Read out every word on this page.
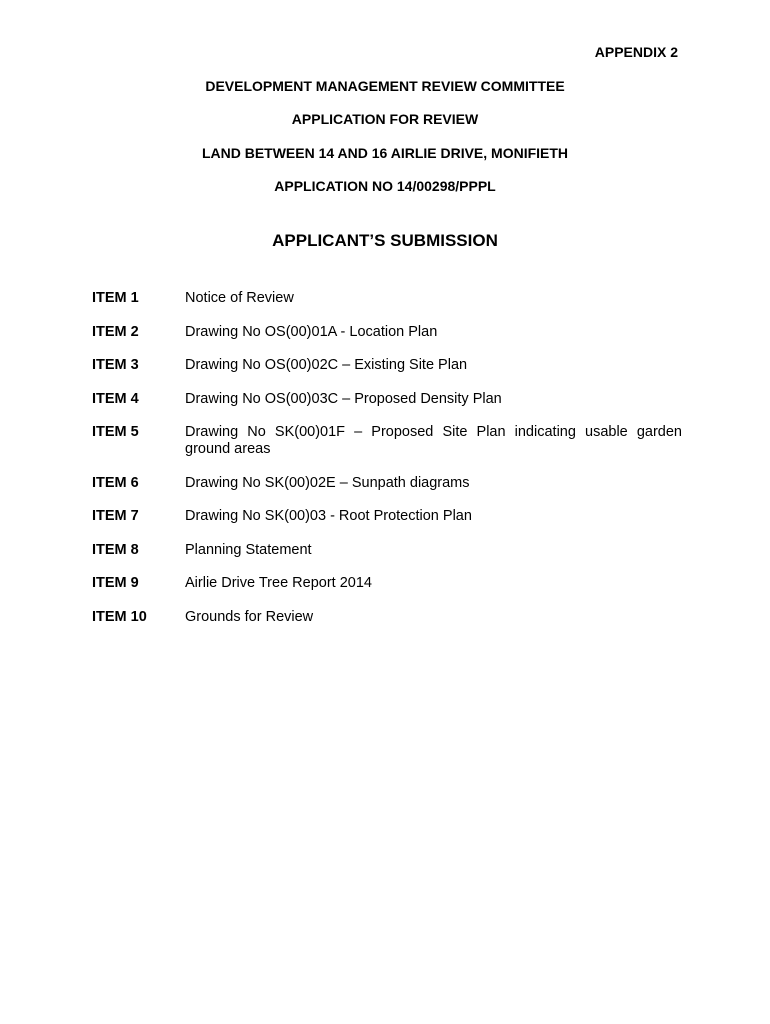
APPENDIX 2

DEVELOPMENT MANAGEMENT REVIEW COMMITTEE

APPLICATION FOR REVIEW

LAND BETWEEN 14 AND 16 AIRLIE DRIVE, MONIFIETH

APPLICATION NO 14/00298/PPPL

APPLICANT’S SUBMISSION

ITEM 1	Notice of Review
ITEM 2	Drawing No OS(00)01A - Location Plan
ITEM 3	Drawing No OS(00)02C – Existing Site Plan
ITEM 4	Drawing No OS(00)03C – Proposed Density Plan
ITEM 5	Drawing No SK(00)01F – Proposed Site Plan indicating usable garden ground areas
ITEM 6	Drawing No SK(00)02E – Sunpath diagrams
ITEM 7	Drawing No SK(00)03 - Root Protection Plan
ITEM 8	Planning Statement
ITEM 9	Airlie Drive Tree Report 2014
ITEM 10	Grounds for Review
